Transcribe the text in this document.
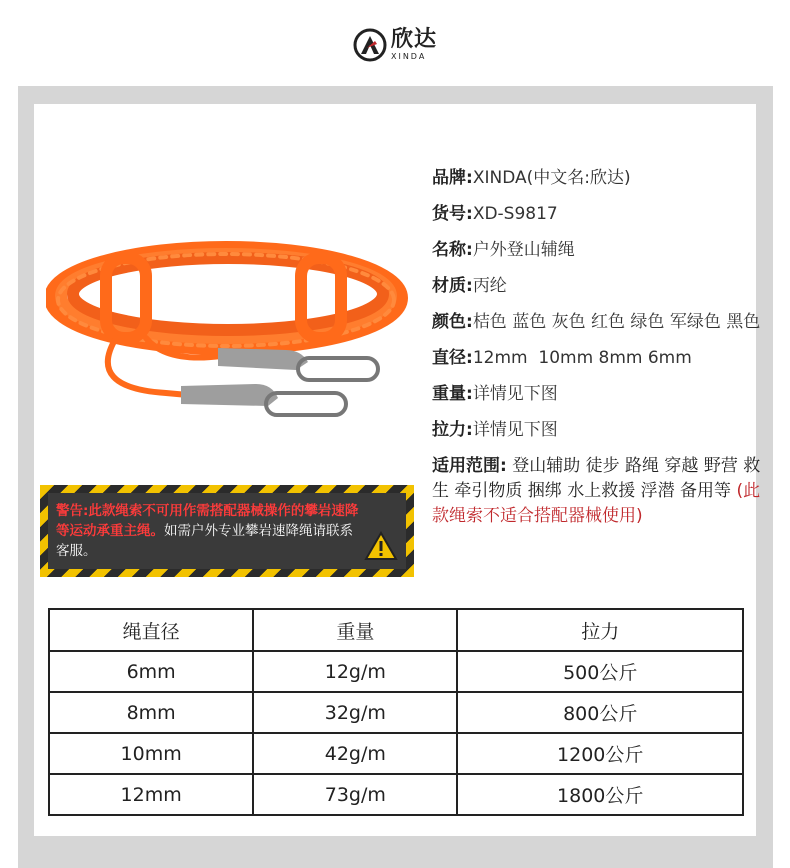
欣达
XINDA
品牌: XINDA(中文名:欣达)
货号: XD-S9817
名称: 户外登山辅绳
材质: 丙纶
颜色: 桔色 蓝色 灰色 红色 绿色 军绿色 黑色
直径: 12mm  10mm 8mm 6mm
重量: 详情见下图
拉力: 详情见下图
适用范围: 登山辅助 徒步 路绳 穿越 野营 救生 牵引物质 捆绑 水上救援 浮潜 备用等 (此款绳索不适合搭配器械使用)
警告:此款绳索不可用作需搭配器械操作的攀岩速降等运动承重主绳。如需户外专业攀岩速降绳请联系客服。
绳直径	重量	拉力
6mm	12g/m	500公斤
8mm	32g/m	800公斤
10mm	42g/m	1200公斤
12mm	73g/m	1800公斤
